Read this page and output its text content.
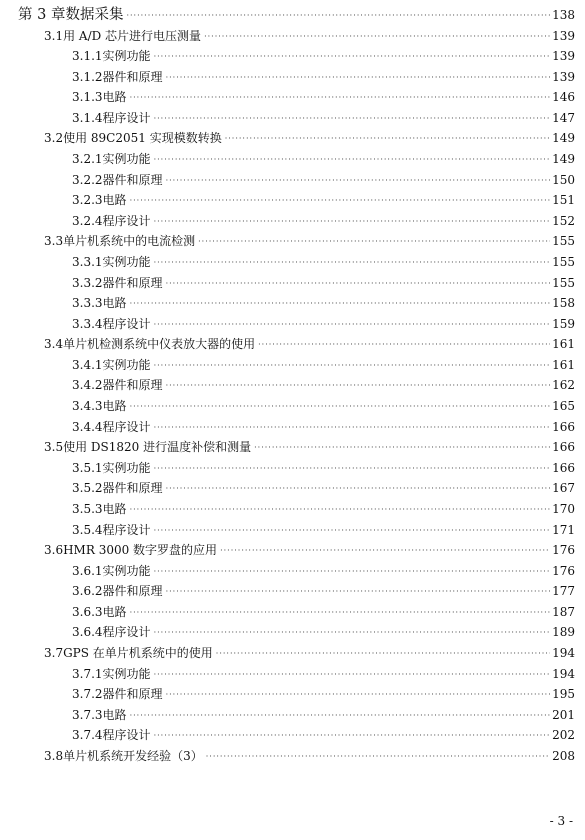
第 3 章 数据采集 ·····	138
3.1 用 A/D 芯片进行电压测量 ·····	139
3.1.1 实例功能 ·····	139
3.1.2 器件和原理 ·····	139
3.1.3 电路 ·····	146
3.1.4 程序设计 ·····	147
3.2 使用 89C2051 实现模数转换 ·····	149
3.2.1 实例功能 ·····	149
3.2.2 器件和原理 ·····	150
3.2.3 电路 ·····	151
3.2.4 程序设计 ·····	152
3.3 单片机系统中的电流检测 ·····	155
3.3.1 实例功能 ·····	155
3.3.2 器件和原理 ·····	155
3.3.3 电路 ·····	158
3.3.4 程序设计 ·····	159
3.4 单片机检测系统中仪表放大器的使用 ·····	161
3.4.1 实例功能 ·····	161
3.4.2 器件和原理 ·····	162
3.4.3 电路 ·····	165
3.4.4 程序设计 ·····	166
3.5 使用 DS1820 进行温度补偿和测量 ·····	166
3.5.1 实例功能 ·····	166
3.5.2 器件和原理 ·····	167
3.5.3 电路 ·····	170
3.5.4 程序设计 ·····	171
3.6 HMR 3000 数字罗盘的应用 ·····	176
3.6.1 实例功能 ·····	176
3.6.2 器件和原理 ·····	177
3.6.3 电路 ·····	187
3.6.4 程序设计 ·····	189
3.7 GPS 在单片机系统中的使用 ·····	194
3.7.1 实例功能 ·····	194
3.7.2 器件和原理 ·····	195
3.7.3 电路 ·····	201
3.7.4 程序设计 ·····	202
3.8 单片机系统开发经验（3） ·····	208
- 3 -
